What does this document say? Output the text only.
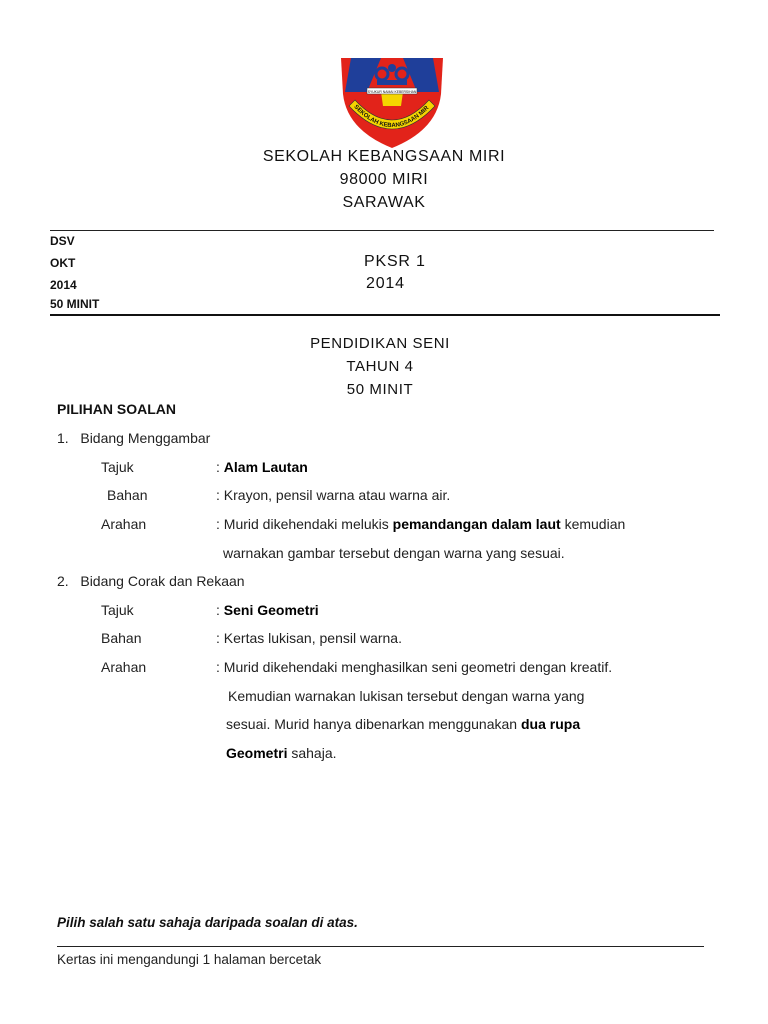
SYUKUR NAMAI KEBERSIHAN
SEKOLAH KEBANGSAAN MIR
SEKOLAH KEBANGSAAN MIRI
98000 MIRI
SARAWAK
DSV
OKT
2014
50 MINIT
PKSR 1
2014
PENDIDIKAN SENI
TAHUN 4
50 MINIT
PILIHAN SOALAN
1. Bidang Menggambar
Tajuk	: Alam Lautan
Bahan	: Krayon, pensil warna atau warna air.
Arahan	: Murid dikehendaki melukis pemandangan dalam laut kemudian
warnakan gambar tersebut dengan warna yang sesuai.
2. Bidang Corak dan Rekaan
Tajuk	: Seni Geometri
Bahan	: Kertas lukisan, pensil warna.
Arahan	: Murid dikehendaki menghasilkan seni geometri dengan kreatif.
Kemudian warnakan lukisan tersebut dengan warna yang
sesuai. Murid hanya dibenarkan menggunakan dua rupa
Geometri sahaja.
Pilih salah satu sahaja daripada soalan di atas.
Kertas ini mengandungi 1 halaman bercetak
